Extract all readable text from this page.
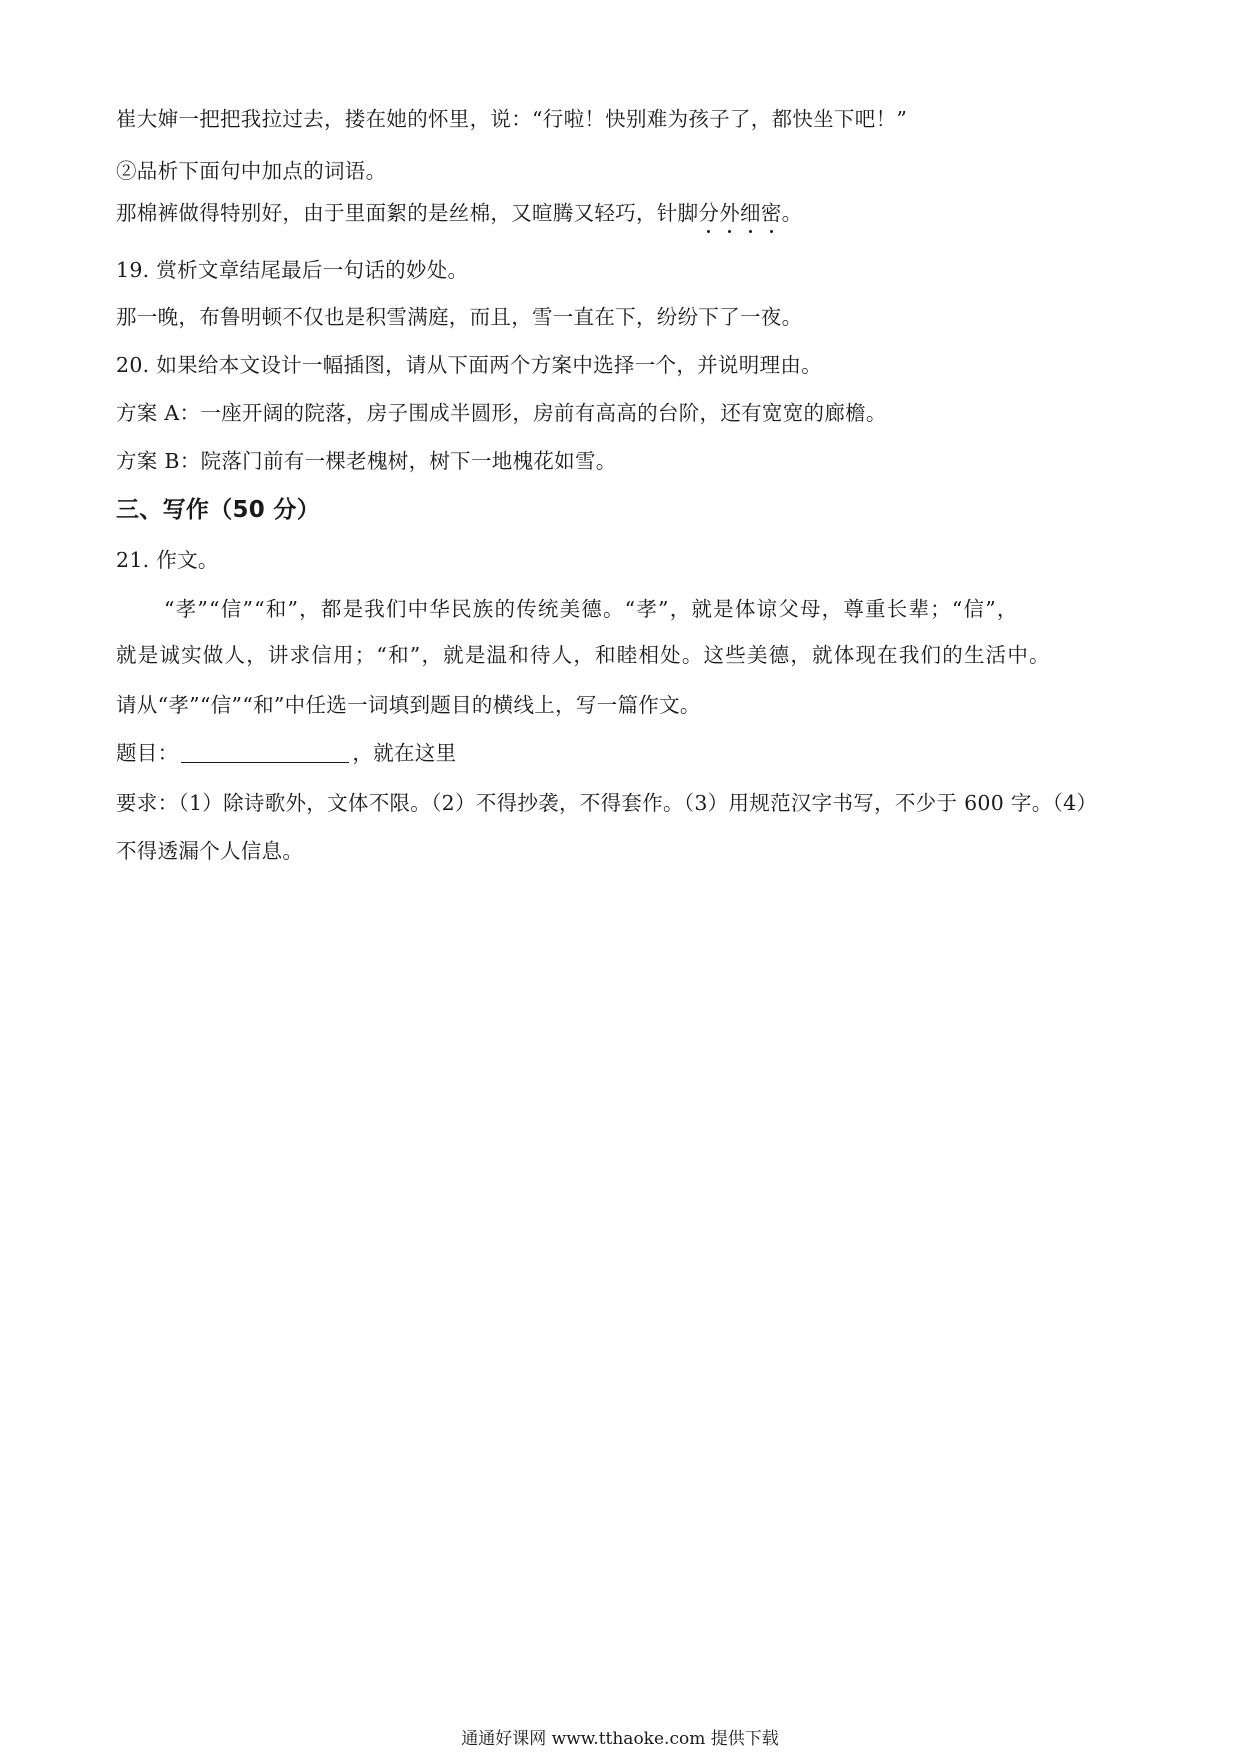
崔大婶一把把我拉过去，搂在她的怀里，说：“行啦！快别难为孩子了，都快坐下吧！”
②品析下面句中加点的词语。
那棉裤做得特别好，由于里面絮的是丝棉，又暄腾又轻巧，针脚分外细密。
19. 赏析文章结尾最后一句话的妙处。
那一晚，布鲁明顿不仅也是积雪满庭，而且，雪一直在下，纷纷下了一夜。
20. 如果给本文设计一幅插图，请从下面两个方案中选择一个，并说明理由。
方案 A：一座开阔的院落，房子围成半圆形，房前有高高的台阶，还有宽宽的廊檐。
方案 B：院落门前有一棵老槐树，树下一地槐花如雪。
三、写作（50 分）
21. 作文。
“孝”“信”“和”，都是我们中华民族的传统美德。“孝”，就是体谅父母，尊重长辈；“信”，
就是诚实做人，讲求信用；“和”，就是温和待人，和睦相处。这些美德，就体现在我们的生活中。
请从“孝”“信”“和”中任选一词填到题目的横线上，写一篇作文。
题目：	，就在这里
要求：（1）除诗歌外，文体不限。（2）不得抄袭，不得套作。（3）用规范汉字书写，不少于 600 字。（4）
不得透漏个人信息。
通通好课网 www.tthaoke.com 提供下载
